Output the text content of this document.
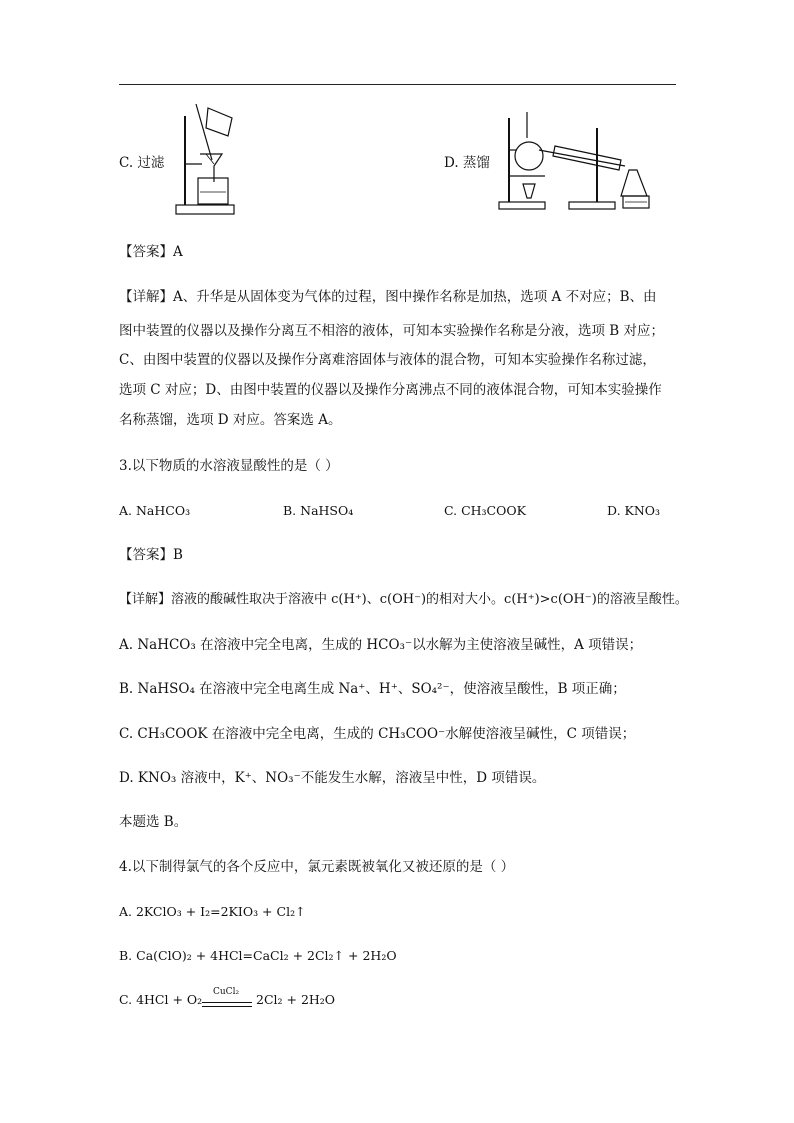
C. 过滤	D. 蒸馏
【答案】A
【详解】A、升华是从固体变为气体的过程，图中操作名称是加热，选项 A 不对应；B、由
图中装置的仪器以及操作分离互不相溶的液体，可知本实验操作名称是分液，选项 B 对应；
C、由图中装置的仪器以及操作分离难溶固体与液体的混合物，可知本实验操作名称过滤，
选项 C 对应；D、由图中装置的仪器以及操作分离沸点不同的液体混合物，可知本实验操作
名称蒸馏，选项 D 对应。答案选 A。
3.以下物质的水溶液显酸性的是（ ）
A. NaHCO₃	B. NaHSO₄	C. CH₃COOK	D. KNO₃
【答案】B
【详解】溶液的酸碱性取决于溶液中 c(H⁺)、c(OH⁻)的相对大小。c(H⁺)>c(OH⁻)的溶液呈酸性。
A. NaHCO₃ 在溶液中完全电离，生成的 HCO₃⁻以水解为主使溶液呈碱性，A 项错误；
B. NaHSO₄ 在溶液中完全电离生成 Na⁺、H⁺、SO₄²⁻，使溶液呈酸性，B 项正确；
C. CH₃COOK 在溶液中完全电离，生成的 CH₃COO⁻水解使溶液呈碱性，C 项错误；
D. KNO₃ 溶液中，K⁺、NO₃⁻不能发生水解，溶液呈中性，D 项错误。
本题选 B。
4.以下制得氯气的各个反应中，氯元素既被氧化又被还原的是（ ）
A. 2KClO₃ + I₂=2KIO₃ + Cl₂↑
B. Ca(ClO)₂ + 4HCl=CaCl₂ + 2Cl₂↑ + 2H₂O
C. 4HCl + O₂ CuCl₂ 2Cl₂ + 2H₂O
